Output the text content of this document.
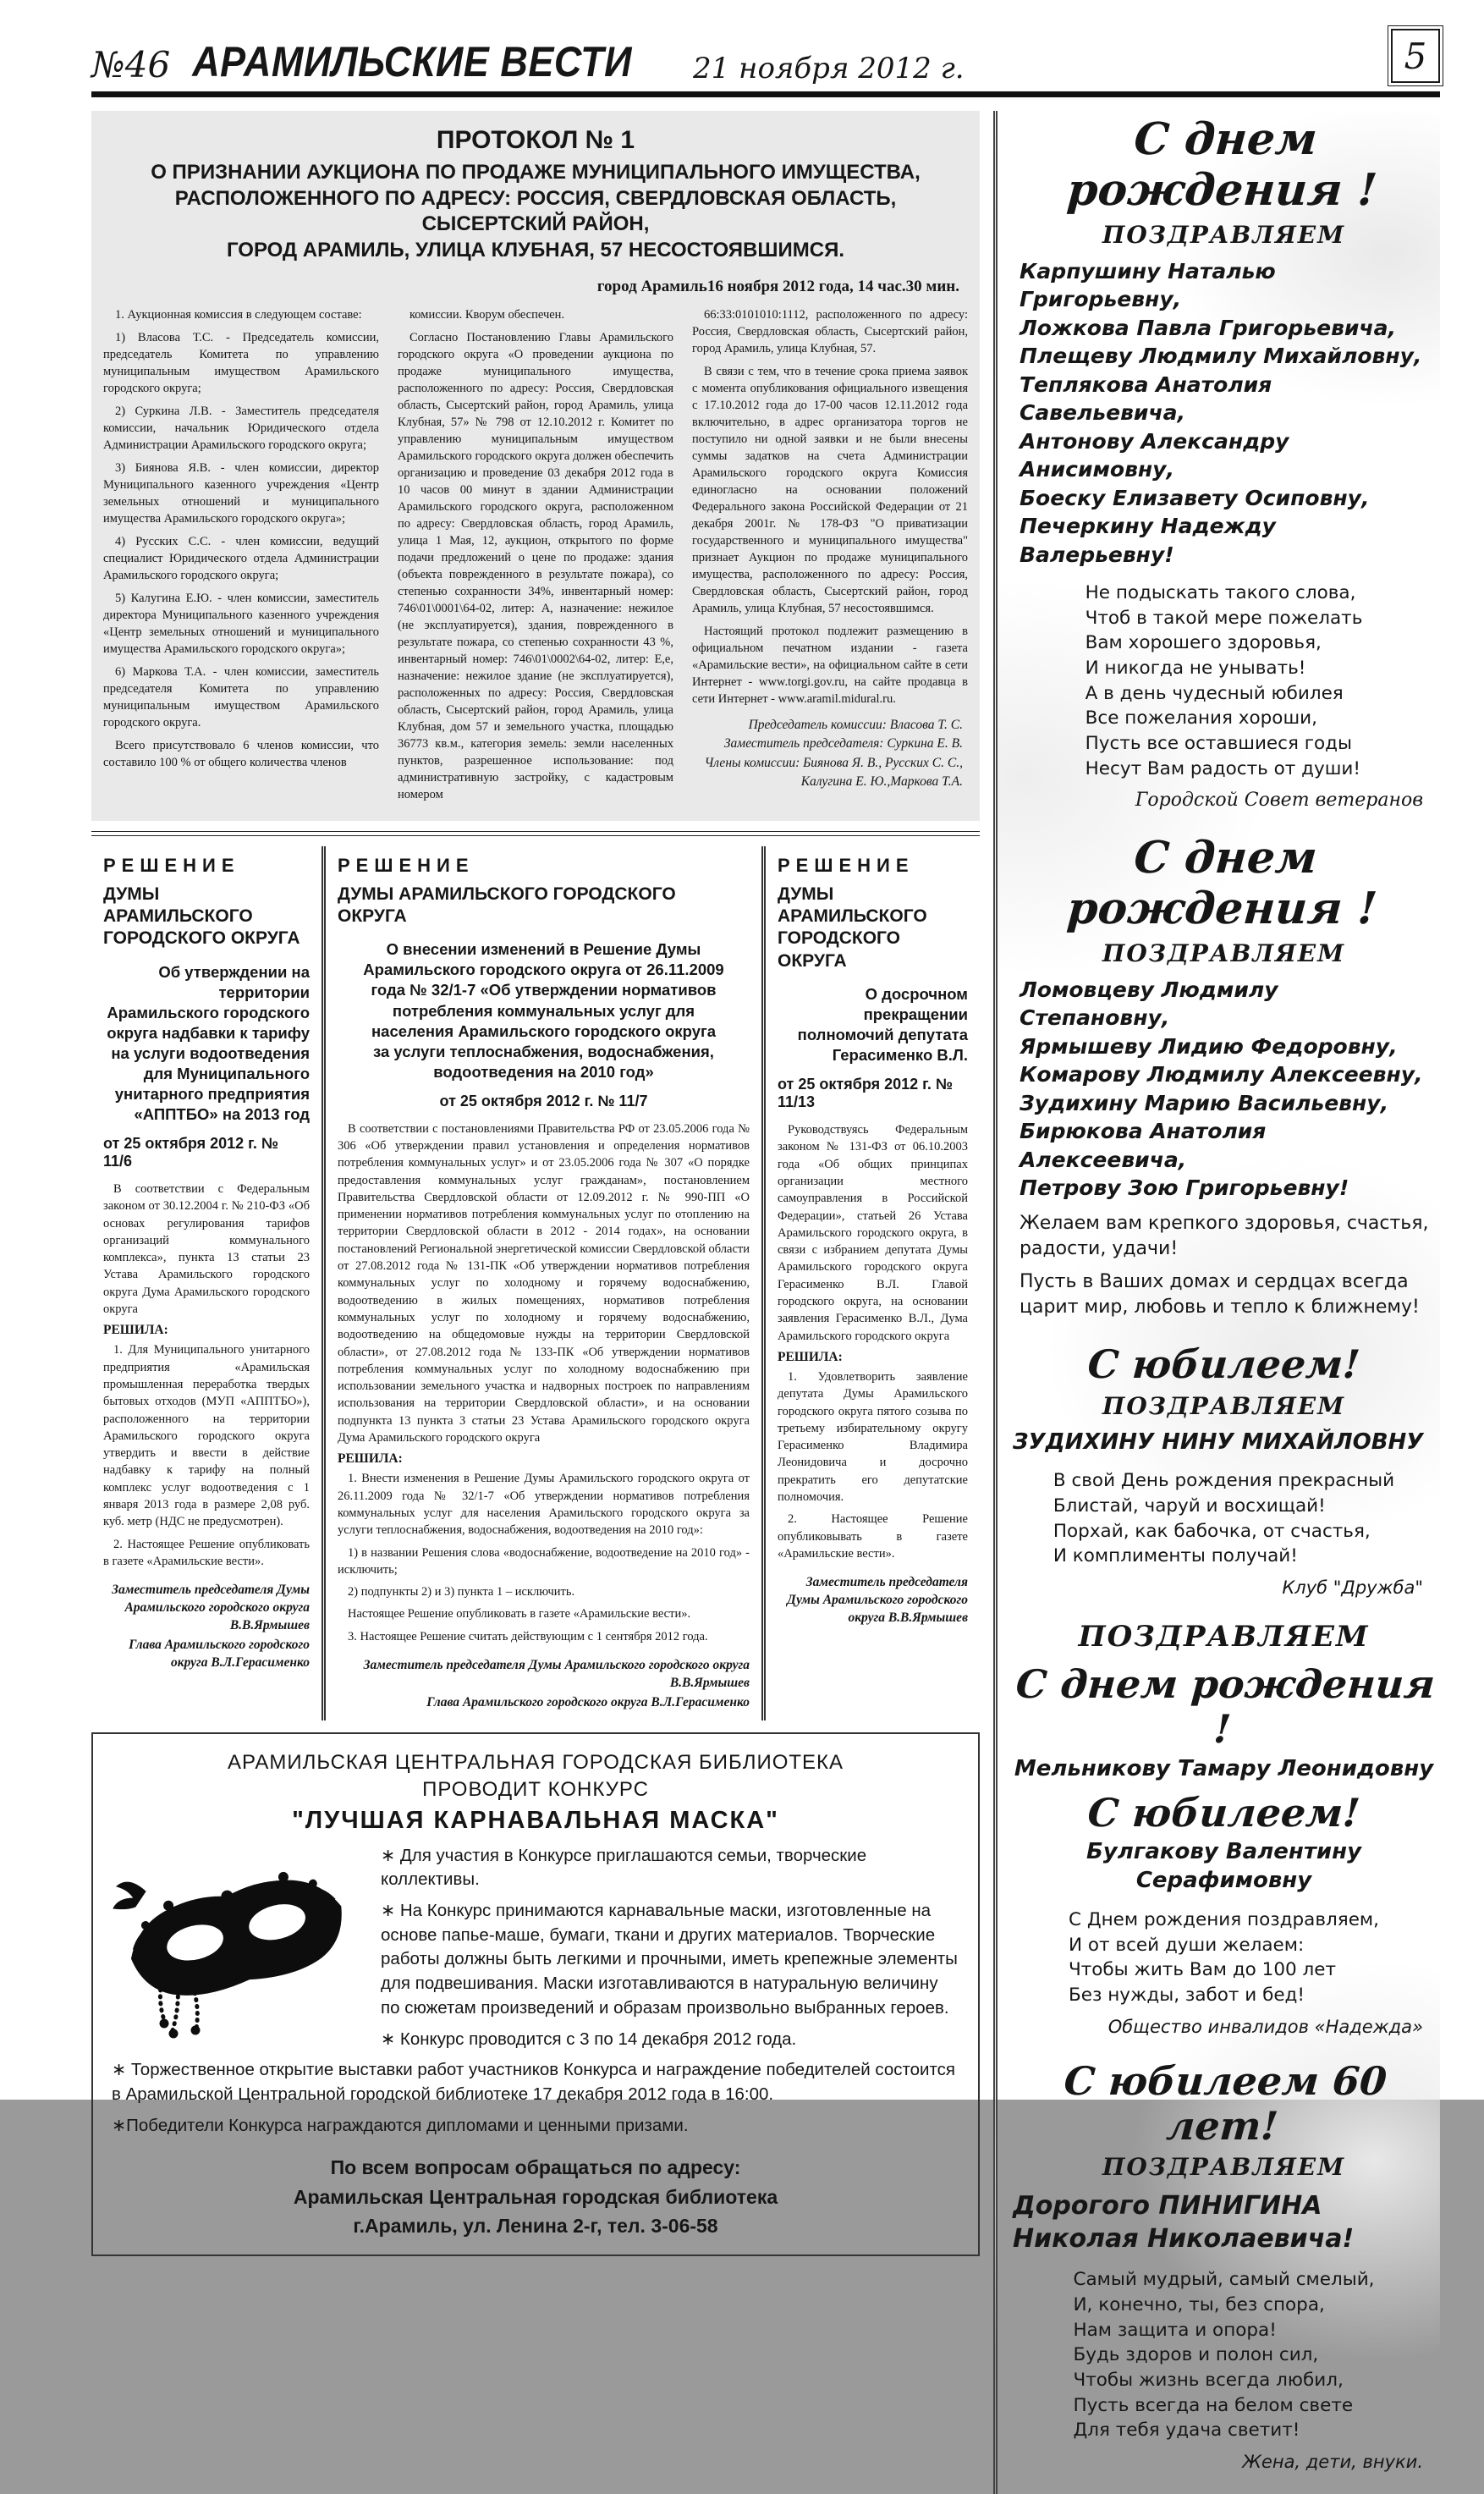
№46 АРАМИЛЬСКИЕ ВЕСТИ 21 ноября 2012 г.	5
ПРОТОКОЛ № 1
О ПРИЗНАНИИ АУКЦИОНА ПО ПРОДАЖЕ МУНИЦИПАЛЬНОГО ИМУЩЕСТВА,
РАСПОЛОЖЕННОГО ПО АДРЕСУ: РОССИЯ, СВЕРДЛОВСКАЯ ОБЛАСТЬ, СЫСЕРТСКИЙ РАЙОН,
ГОРОД АРАМИЛЬ, УЛИЦА КЛУБНАЯ, 57 НЕСОСТОЯВШИМСЯ.
город Арамиль16 ноября 2012 года, 14 час.30 мин.

1. Аукционная комиссия в следующем составе:

1) Власова Т.С. - Председатель комиссии, председатель Комитета по управлению муниципальным имуществом Арамильского городского округа;

2) Суркина Л.В. - Заместитель председателя комиссии, начальник Юридического отдела Администрации Арамильского городского округа;

3) Биянова Я.В. - член комиссии, директор Муниципального казенного учреждения «Центр земельных отношений и муниципального имущества Арамильского городского округа»;

4) Русских С.С. - член комиссии, ведущий специалист Юридического отдела Администрации Арамильского городского округа;

5) Калугина Е.Ю. - член комиссии, заместитель директора Муниципального казенного учреждения «Центр земельных отношений и муниципального имущества Арамильского городского округа»;

6) Маркова Т.А. - член комиссии, заместитель председателя Комитета по управлению муниципальным имуществом Арамильского городского округа.

Всего присутствовало 6 членов комиссии, что составило 100 % от общего количества членов

комиссии. Кворум обеспечен.

Согласно Постановлению Главы Арамильского городского округа «О проведении аукциона по продаже муниципального имущества, расположенного по адресу: Россия, Свердловская область, Сысертский район, город Арамиль, улица Клубная, 57» № 798 от 12.10.2012 г. Комитет по управлению муниципальным имуществом Арамильского городского округа должен обеспечить организацию и проведение 03 декабря 2012 года в 10 часов 00 минут в здании Администрации Арамильского городского округа, расположенном по адресу: Свердловская область, город Арамиль, улица 1 Мая, 12, аукцион, открытого по форме подачи предложений о цене по продаже: здания (объекта поврежденного в результате пожара), со степенью сохранности 34%, инвентарный номер: 746\01\0001\64-02, литер: А, назначение: нежилое (не эксплуатируется), здания, поврежденного в результате пожара, со степенью сохранности 43 %, инвентарный номер: 746\01\0002\64-02, литер: Е,е, назначение: нежилое здание (не эксплуатируется), расположенных по адресу: Россия, Свердловская область, Сысертский район, город Арамиль, улица Клубная, дом 57 и земельного участка, площадью 36773 кв.м., категория земель: земли населенных пунктов, разрешенное использование: под административную застройку, с кадастровым номером

66:33:0101010:1112, расположенного по адресу: Россия, Свердловская область, Сысертский район, город Арамиль, улица Клубная, 57.

В связи с тем, что в течение срока приема заявок с момента опубликования официального извещения с 17.10.2012 года до 17-00 часов 12.11.2012 года включительно, в адрес организатора торгов не поступило ни одной заявки и не были внесены суммы задатков на счета Администрации Арамильского городского округа Комиссия единогласно на основании положений Федерального закона Российской Федерации от 21 декабря 2001г. № 178-ФЗ "О приватизации государственного и муниципального имущества" признает Аукцион по продаже муниципального имущества, расположенного по адресу: Россия, Свердловская область, Сысертский район, город Арамиль, улица Клубная, 57 несостоявшимся.

Настоящий протокол подлежит размещению в официальном печатном издании - газета «Арамильские вести», на официальном сайте в сети Интернет - www.torgi.gov.ru, на сайте продавца в сети Интернет - www.aramil.midural.ru.

Председатель комиссии: Власова Т. С.
Заместитель председателя: Суркина Е. В.
Члены комиссии: Биянова Я. В., Русских С. С.,
Калугина Е. Ю.,Маркова Т.А.
РЕШЕНИЕ
ДУМЫ АРАМИЛЬСКОГО ГОРОДСКОГО ОКРУГА
Об утверждении на территории Арамильского городского округа надбавки к тарифу на услуги водоотведения для Муниципального унитарного предприятия «АППТБО» на 2013 год
от 25 октября 2012 г. № 11/6

В соответствии с Федеральным законом от 30.12.2004 г. № 210-ФЗ «Об основах регулирования тарифов организаций коммунального комплекса», пункта 13 статьи 23 Устава Арамильского городского округа Дума Арамильского городского округа

РЕШИЛА:

1. Для Муниципального унитарного предприятия «Арамильская промышленная переработка твердых бытовых отходов (МУП «АППТБО»), расположенного на территории Арамильского городского округа утвердить и ввести в действие надбавку к тарифу на полный комплекс услуг водоотведения с 1 января 2013 года в размере 2,08 руб. куб. метр (НДС не предусмотрен).

2. Настоящее Решение опубликовать в газете «Арамильские вести».

Заместитель председателя Думы Арамильского городского округа В.В.Ярмышев
Глава Арамильского городского округа В.Л.Герасименко
РЕШЕНИЕ
ДУМЫ АРАМИЛЬСКОГО ГОРОДСКОГО ОКРУГА
О внесении изменений в Решение Думы Арамильского городского округа от 26.11.2009 года № 32/1-7 «Об утверждении нормативов потребления коммунальных услуг для населения Арамильского городского округа за услуги теплоснабжения, водоснабжения, водоотведения на 2010 год»
от 25 октября 2012 г. № 11/7

В соответствии с постановлениями Правительства РФ от 23.05.2006 года № 306 «Об утверждении правил установления и определения нормативов потребления коммунальных услуг» и от 23.05.2006 года № 307 «О порядке предоставления коммунальных услуг гражданам», постановлением Правительства Свердловской области от 12.09.2012 г. № 990-ПП «О применении нормативов потребления коммунальных услуг по отоплению на территории Свердловской области в 2012 - 2014 годах», на основании постановлений Региональной энергетической комиссии Свердловской области от 27.08.2012 года № 131-ПК «Об утверждении нормативов потребления коммунальных услуг по холодному и горячему водоснабжению, водоотведению в жилых помещениях, нормативов потребления коммунальных услуг по холодному и горячему водоснабжению, водоотведению на общедомовые нужды на территории Свердловской области», от 27.08.2012 года № 133-ПК «Об утверждении нормативов потребления коммунальных услуг по холодному водоснабжению при использовании земельного участка и надворных построек по направлениям использования на территории Свердловской области», и на основании подпункта 13 пункта 3 статьи 23 Устава Арамильского городского округа Дума Арамильского городского округа

РЕШИЛА:

1. Внести изменения в Решение Думы Арамильского городского округа от 26.11.2009 года № 32/1-7 «Об утверждении нормативов потребления коммунальных услуг для населения Арамильского городского округа за услуги теплоснабжения, водоснабжения, водоотведения на 2010 год»:

1) в названии Решения слова «водоснабжение, водоотведение на 2010 год» - исключить;

2) подпункты 2) и 3) пункта 1 – исключить.

Настоящее Решение опубликовать в газете «Арамильские вести».

3. Настоящее Решение считать действующим с 1 сентября 2012 года.

Заместитель председателя Думы Арамильского городского округа В.В.Ярмышев
Глава Арамильского городского округа В.Л.Герасименко
РЕШЕНИЕ
ДУМЫ АРАМИЛЬСКОГО ГОРОДСКОГО ОКРУГА
О досрочном прекращении полномочий депутата Герасименко В.Л.
от 25 октября 2012 г. № 11/13

Руководствуясь Федеральным законом № 131-ФЗ от 06.10.2003 года «Об общих принципах организации местного самоуправления в Российской Федерации», статьей 26 Устава Арамильского городского округа, в связи с избранием депутата Думы Арамильского городского округа Герасименко В.Л. Главой городского округа, на основании заявления Герасименко В.Л., Дума Арамильского городского округа

РЕШИЛА:

1. Удовлетворить заявление депутата Думы Арамильского городского округа пятого созыва по третьему избирательному округу Герасименко Владимира Леонидовича и досрочно прекратить его депутатские полномочия.

2. Настоящее Решение опубликовывать в газете «Арамильские вести».

Заместитель председателя Думы Арамильского городского округа В.В.Ярмышев
АРАМИЛЬСКАЯ ЦЕНТРАЛЬНАЯ ГОРОДСКАЯ БИБЛИОТЕКА
ПРОВОДИТ КОНКУРС
"ЛУЧШАЯ КАРНАВАЛЬНАЯ МАСКА"

∗ Для участия в Конкурсе приглашаются семьи, творческие коллективы.

∗ На Конкурс принимаются карнавальные маски, изготовленные на основе папье-маше, бумаги, ткани и других материалов. Творческие работы должны быть легкими и прочными, иметь крепежные элементы для подвешивания. Маски изготавливаются в натуральную величину по сюжетам произведений и образам произвольно выбранных героев.

∗ Конкурс проводится с 3 по 14 декабря 2012 года.

∗ Торжественное открытие выставки работ участников Конкурса и награждение победителей состоится в Арамильской Центральной городской библиотеке 17 декабря 2012 года в 16:00.

∗Победители Конкурса награждаются дипломами и ценными призами.

По всем вопросам обращаться по адресу:
Арамильская Центральная городская библиотека
г.Арамиль, ул. Ленина 2-г, тел. 3-06-58
С днем рождения !
ПОЗДРАВЛЯЕМ
Карпушину Наталью Григорьевну,
Ложкова Павла Григорьевича,
Плещеву Людмилу Михайловну,
Теплякова Анатолия Савельевича,
Антонову Александру Анисимовну,
Боеску Елизавету Осиповну,
Печеркину Надежду Валерьевну!
Не подыскать такого слова,
Чтоб в такой мере пожелать
Вам хорошего здоровья,
И никогда не унывать!
А в день чудесный юбилея
Все пожелания хороши,
Пусть все оставшиеся годы
Несут Вам радость от души!
Городской Совет ветеранов
С днем рождения !
ПОЗДРАВЛЯЕМ
Ломовцеву Людмилу Степановну,
Ярмышеву Лидию Федоровну,
Комарову Людмилу Алексеевну,
Зудихину Марию Васильевну,
Бирюкова Анатолия Алексеевича,
Петрову Зою Григорьевну!

Желаем вам крепкого здоровья, счастья, радости, удачи!

Пусть в Ваших домах и сердцах всегда царит мир, любовь и тепло к ближнему!

С юбилеем!
ПОЗДРАВЛЯЕМ
ЗУДИХИНУ НИНУ МИХАЙЛОВНУ
В свой День рождения прекрасный
Блистай, чаруй и восхищай!
Порхай, как бабочка, от счастья,
И комплименты получай!
Клуб "Дружба"
ПОЗДРАВЛЯЕМ
С днем рождения !
Мельникову Тамару Леонидовну
С юбилеем!
Булгакову Валентину Серафимовну
С Днем рождения поздравляем,
И от всей души желаем:
Чтобы жить Вам до 100 лет
Без нужды, забот и бед!
Общество инвалидов «Надежда»
С юбилеем 60 лет!
ПОЗДРАВЛЯЕМ
Дорогого ПИНИГИНА
Николая Николаевича!
Самый мудрый, самый смелый,
И, конечно, ты, без спора,
Нам защита и опора!
Будь здоров и полон сил,
Чтобы жизнь всегда любил,
Пусть всегда на белом свете
Для тебя удача светит!
Жена, дети, внуки.
